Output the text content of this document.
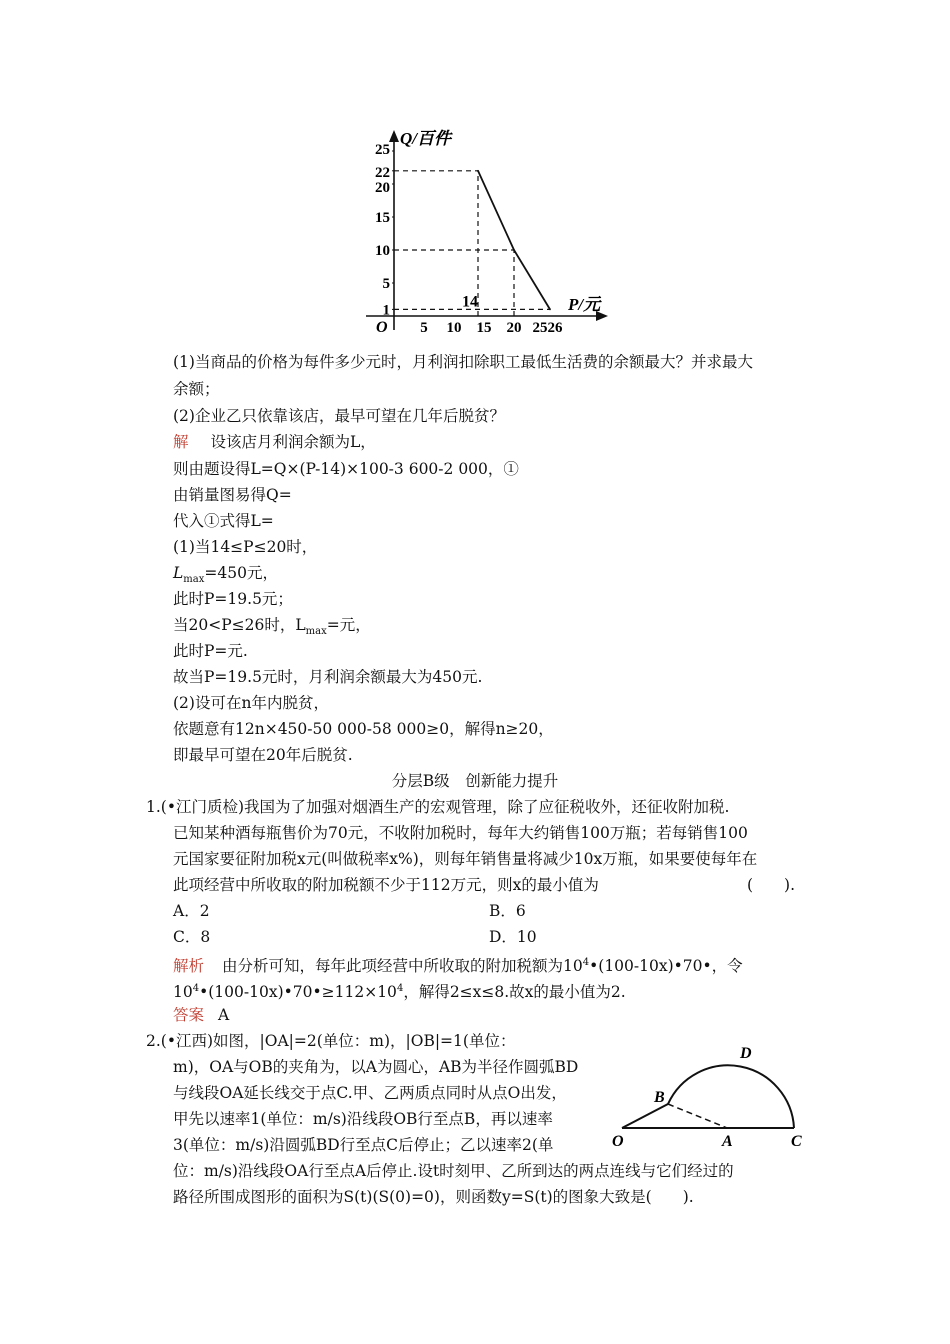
Q/百件
P/元
O 5 10 15 20 25 26
1
5
10
15
20
22
25
14
(1)当商品的价格为每件多少元时，月利润扣除职工最低生活费的余额最大？并求最大
余额；
(2)企业乙只依靠该店，最早可望在几年后脱贫？
解 设该店月利润余额为L，
则由题设得L=Q×(P-14)×100-3 600-2 000，①
由销量图易得Q=
代入①式得L=
(1)当14≤P≤20时，
$L_{max}=450$元，
此时P=19.5元；
当20<P≤26时，$L_{max}=$元，
此时P=元.
故当P=19.5元时，月利润余额最大为450元.
(2)设可在n年内脱贫，
依题意有12n×450-50 000-58 000≥0，解得n≥20，
即最早可望在20年后脱贫.
分层B级　创新能力提升
1.(•江门质检)我国为了加强对烟酒生产的宏观管理，除了应征税收外，还征收附加税.
已知某种酒每瓶售价为70元，不收附加税时，每年大约销售100万瓶；若每销售100
元国家要征附加税x元(叫做税率x%)，则每年销售量将减少10x万瓶，如果要使每年在
此项经营中所收取的附加税额不少于112万元，则x的最小值为	(　　).
A．2	B．6
C．8	D．10
解析 由分析可知，每年此项经营中所收取的附加税额为$10^4•(100-10x)•70•$，令
$10^4•(100-10x)•70•\ge 112\times 10^4$，解得2≤x≤8.故x的最小值为2.
答案 A
2.(•江西)如图，|OA|=2(单位：m)，|OB|=1(单位：
m)，OA与OB的夹角为，以A为圆心，AB为半径作圆弧BD
与线段OA延长线交于点C.甲、乙两质点同时从点O出发，
甲先以速率1(单位：m/s)沿线段OB行至点B，再以速率
3(单位：m/s)沿圆弧BD行至点C后停止；乙以速率2(单
位：m/s)沿线段OA行至点A后停止.设t时刻甲、乙所到达的两点连线与它们经过的
路径所围成图形的面积为S(t)(S(0)=0)，则函数y=S(t)的图象大致是(　　).
O	A	C
B
D
